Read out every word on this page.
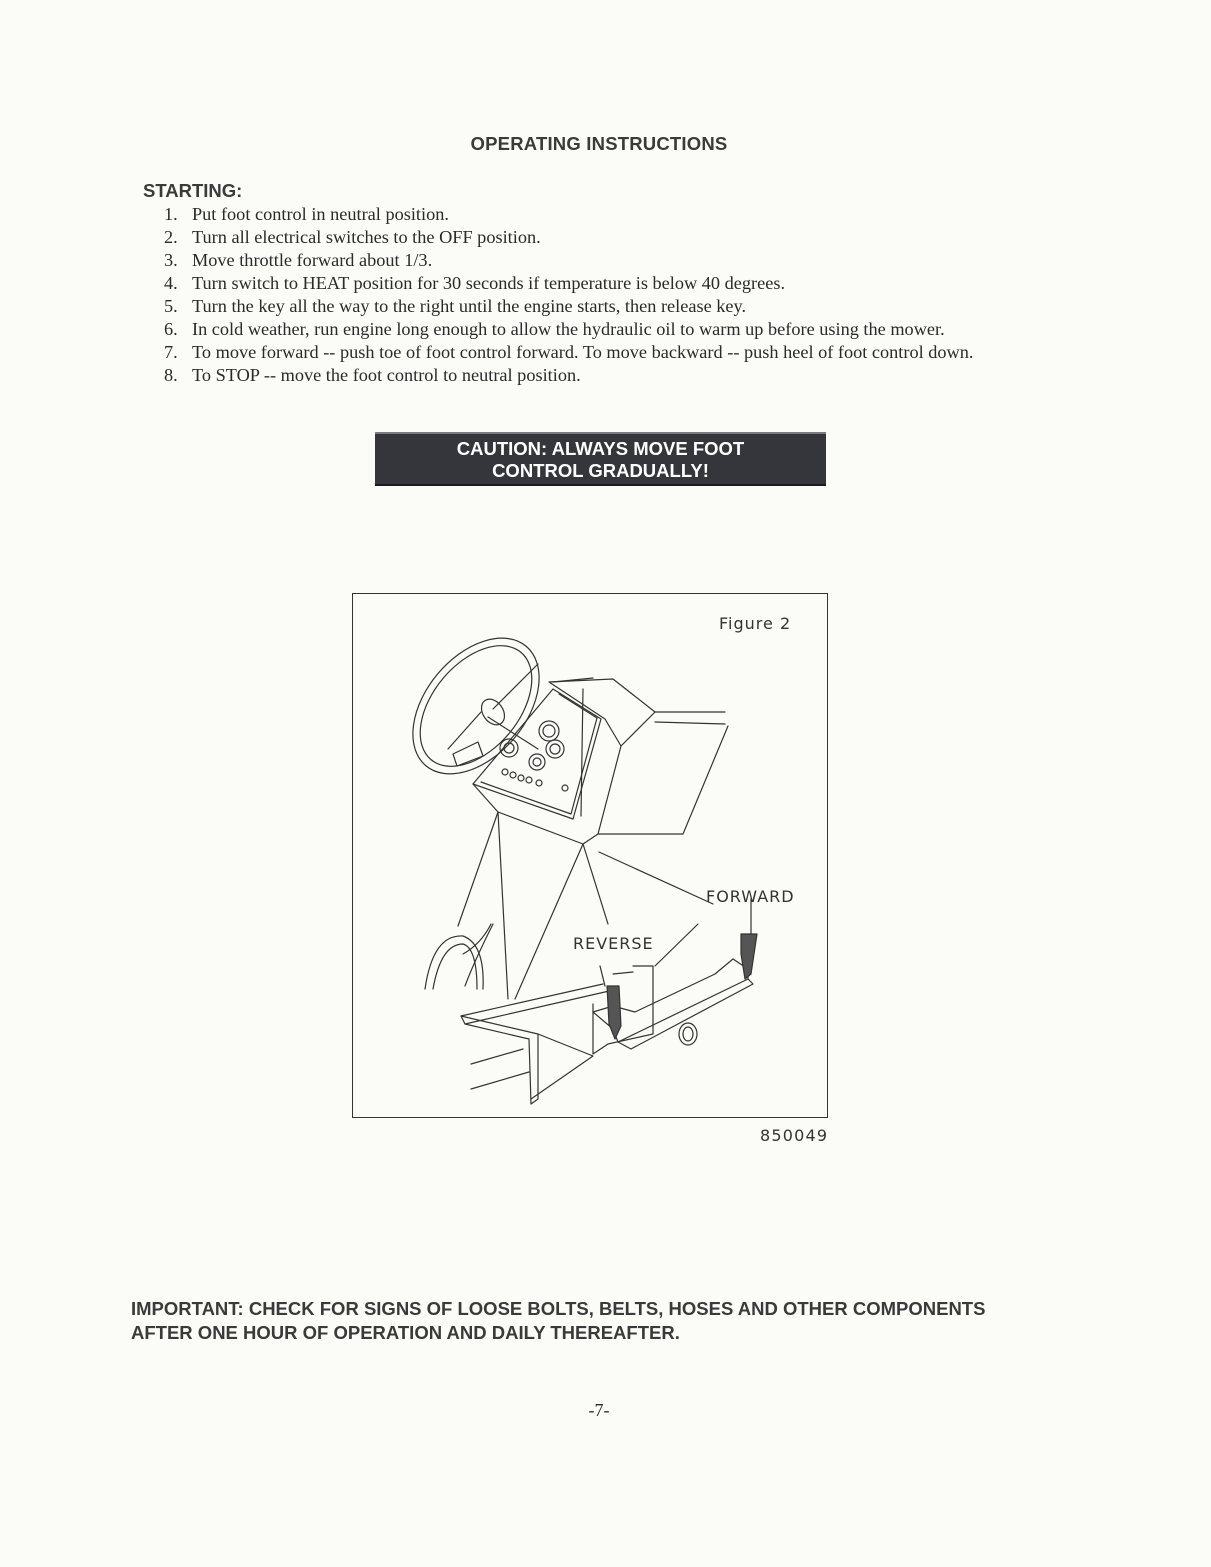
OPERATING INSTRUCTIONS
STARTING:
1. Put foot control in neutral position.
2. Turn all electrical switches to the OFF position.
3. Move throttle forward about 1/3.
4. Turn switch to HEAT position for 30 seconds if temperature is below 40 degrees.
5. Turn the key all the way to the right until the engine starts, then release key.
6. In cold weather, run engine long enough to allow the hydraulic oil to warm up before using the mower.
7. To move forward -- push toe of foot control forward. To move backward -- push heel of foot control down.
8. To STOP -- move the foot control to neutral position.
CAUTION: ALWAYS MOVE FOOT
CONTROL GRADUALLY!
Figure 2
FORWARD
REVERSE
850049
IMPORTANT: CHECK FOR SIGNS OF LOOSE BOLTS, BELTS, HOSES AND OTHER COMPONENTS
AFTER ONE HOUR OF OPERATION AND DAILY THEREAFTER.
-7-
